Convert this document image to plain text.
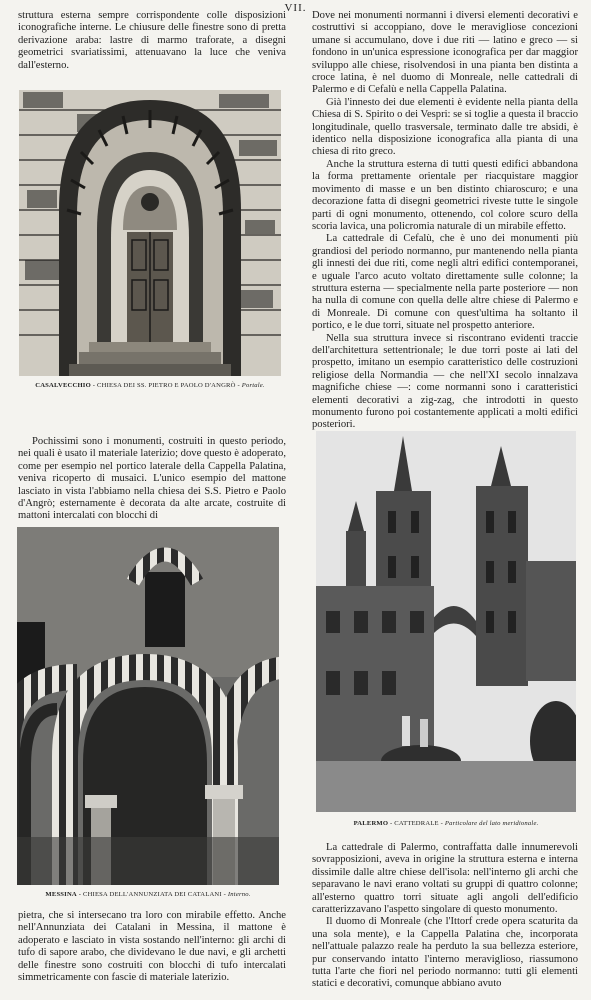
VII.

struttura esterna sempre corrispondente colle disposizioni iconografiche interne. Le chiusure delle finestre sono di pretta derivazione araba: lastre di marmo traforate, a disegni geometrici svariatissimi, attenuavano la luce che veniva dall'esterno.

CASALVECCHIO - CHIESA DEI SS. PIETRO E PAOLO D'ANGRÒ - Portale.

Pochissimi sono i monumenti, costruiti in questo periodo, nei quali è usato il materiale laterizio; dove questo è adoperato, come per esempio nel portico laterale della Cappella Palatina, veniva ricoperto di musaici. L'unico esempio del mattone lasciato in vista l'abbiamo nella chiesa dei S.S. Pietro e Paolo d'Angrò; esternamente è decorata da alte arcate, costruite di mattoni intercalati con blocchi di

MESSINA - CHIESA DELL'ANNUNZIATA DEI CATALANI - Interno.

pietra, che si intersecano tra loro con mirabile effetto. Anche nell'Annunziata dei Catalani in Messina, il mattone è adoperato e lasciato in vista sostando nell'interno: gli archi di tufo di sapore arabo, che dividevano le due navi, e gli archetti delle finestre sono costruiti con blocchi di tufo intercalati simmetricamente con fascie di materiale laterizio.

Dove nei monumenti normanni i diversi elementi decorativi e costruttivi si accoppiano, dove le meravigliose concezioni umane si accumulano, dove i due riti — latino e greco — si fondono in un'unica espressione iconografica per dar maggior sviluppo alle chiese, risolvendosi in una pianta ben distinta a croce latina, è nel duomo di Monreale, nelle cattedrali di Palermo e di Cefalù e nella Cappella Palatina.

Già l'innesto dei due elementi è evidente nella pianta della Chiesa di S. Spirito o dei Vespri: se si toglie a questa il braccio longitudinale, quello trasversale, terminato dalle tre absidi, è identico nella disposizione iconografica alla pianta di una chiesa di rito greco.

Anche la struttura esterna di tutti questi edifici abbandona la forma prettamente orientale per riacquistare maggior movimento di masse e un ben distinto chiaroscuro; e una decorazione fatta di disegni geometrici riveste tutte le singole parti di ogni monumento, ottenendo, col colore scuro della scoria lavica, una policromia naturale di un mirabile effetto.

La cattedrale di Cefalù, che è uno dei monumenti più grandiosi del periodo normanno, pur mantenendo nella pianta gli innesti dei due riti, come negli altri edifici contemporanei, e uguale l'arco acuto voltato direttamente sulle colonne; la struttura esterna — specialmente nella parte posteriore — non ha nulla di comune con quella delle altre chiese di Palermo e di Monreale. Di comune con quest'ultima ha soltanto il portico, e le due torri, situate nel prospetto anteriore.

Nella sua struttura invece si riscontrano evidenti traccie dell'architettura settentrionale; le due torri poste ai lati del prospetto, imitano un esempio caratteristico delle costruzioni religiose della Normandia — che nell'XI secolo innalzava magnifiche chiese —: come normanni sono i caratteristici elementi decorativi a zig-zag, che introdotti in questo monumento furono poi costantemente applicati a molti edifici posteriori.

PALERMO - CATTEDRALE - Particolare del lato meridionale.

La cattedrale di Palermo, contraffatta dalle innumerevoli sovrapposizioni, aveva in origine la struttura esterna e interna dissimile dalle altre chiese dell'isola: nell'interno gli archi che separavano le navi erano voltati su gruppi di quattro colonne; all'esterno quattro torri situate agli angoli dell'edificio caratterizzavano l'aspetto singolare di questo monumento.

Il duomo di Monreale (che l'Ittorf crede opera scaturita da una sola mente), e la Cappella Palatina che, incorporata nell'attuale palazzo reale ha perduto la sua bellezza esteriore, pur conservando intatto l'interno meraviglioso, riassumono tutta l'arte che fiori nel periodo normanno: tutti gli elementi statici e decorativi, comunque abbiano avuto
